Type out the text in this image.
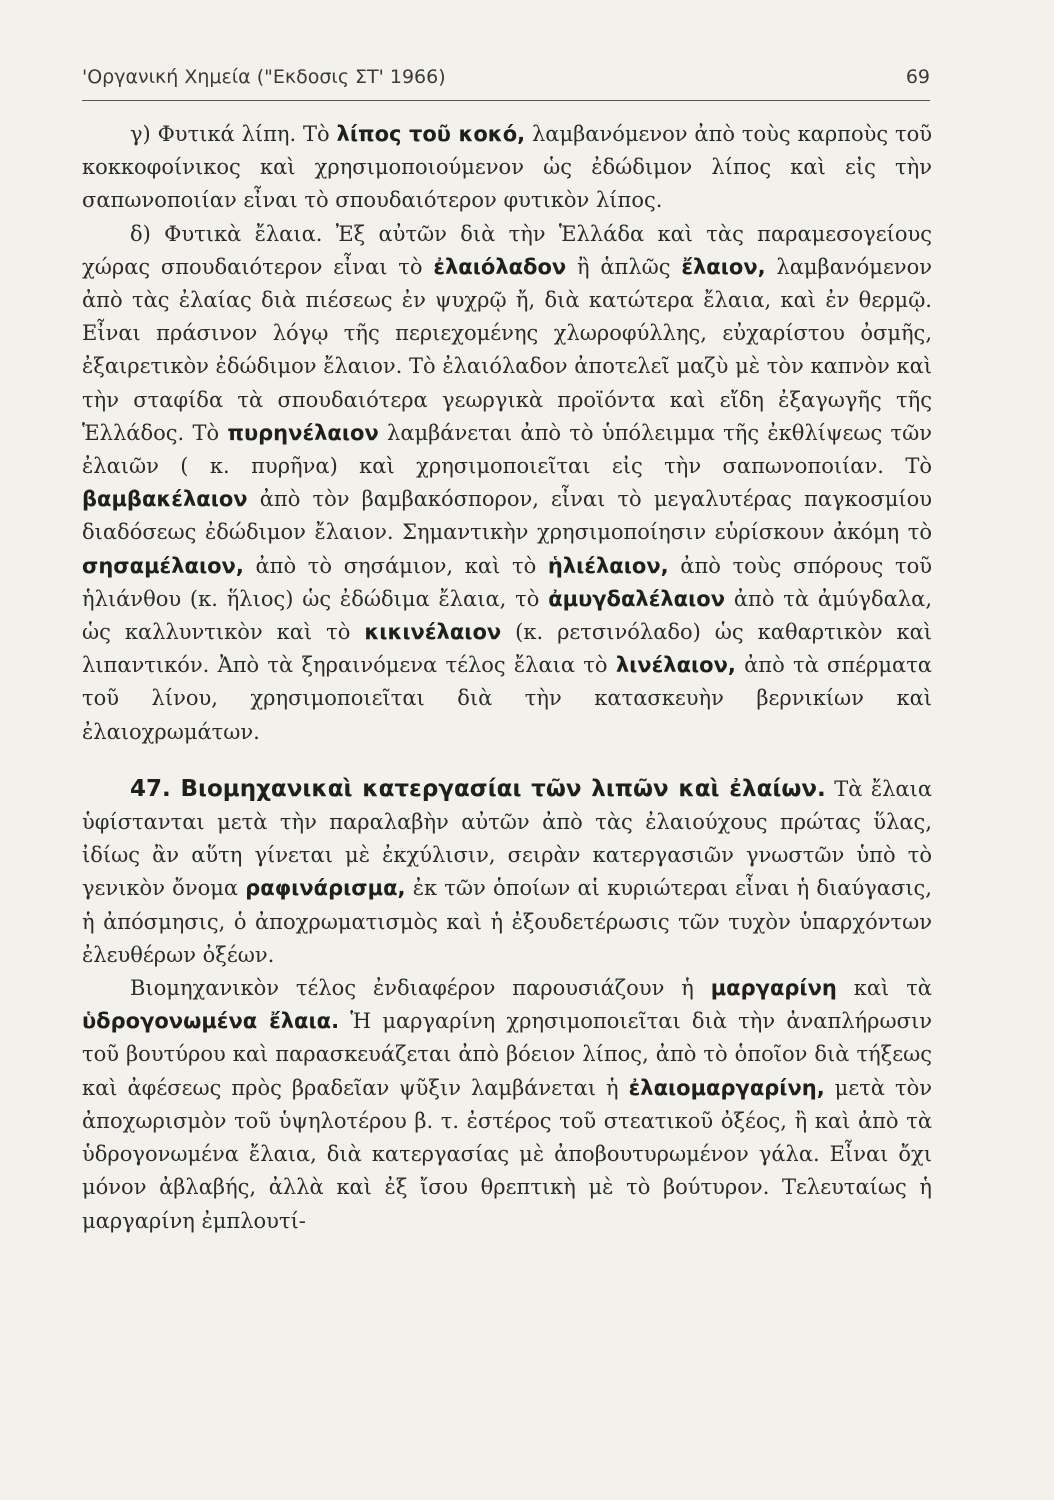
'Οργανική Χημεία ("Εκδοσις ΣΤ' 1966)	69

γ) Φυτικά λίπη. Τὸ λίπος τοῦ κοκό, λαμβανόμενον ἀπὸ τοὺς καρποὺς τοῦ κοκκοφοίνικος καὶ χρησιμοποιούμενον ὡς ἐδώδιμον λίπος καὶ εἰς τὴν σαπωνοποιίαν εἶναι τὸ σπουδαιότερον φυτικὸν λίπος.

δ) Φυτικὰ ἔλαια. Ἐξ αὐτῶν διὰ τὴν Ἑλλάδα καὶ τὰς παραμεσογείους χώρας σπουδαιότερον εἶναι τὸ ἐλαιόλαδον ἢ ἁπλῶς ἔλαιον, λαμβανόμενον ἀπὸ τὰς ἐλαίας διὰ πιέσεως ἐν ψυχρῷ ἤ, διὰ κατώτερα ἔλαια, καὶ ἐν θερμῷ. Εἶναι πράσινον λόγῳ τῆς περιεχομένης χλωροφύλλης, εὐχαρίστου ὀσμῆς, ἐξαιρετικὸν ἐδώδιμον ἔλαιον. Τὸ ἐλαιόλαδον ἀποτελεῖ μαζὺ μὲ τὸν καπνὸν καὶ τὴν σταφίδα τὰ σπουδαιότερα γεωργικὰ προϊόντα καὶ εἴδη ἐξαγωγῆς τῆς Ἑλλάδος. Τὸ πυρηνέλαιον λαμβάνεται ἀπὸ τὸ ὑπόλειμμα τῆς ἐκθλίψεως τῶν ἐλαιῶν ( κ. πυρῆνα) καὶ χρησιμοποιεῖται εἰς τὴν σαπωνοποιίαν. Τὸ βαμβακέλαιον ἀπὸ τὸν βαμβακόσπορον, εἶναι τὸ μεγαλυτέρας παγκοσμίου διαδόσεως ἐδώδιμον ἔλαιον. Σημαντικὴν χρησιμοποίησιν εὑρίσκουν ἀκόμη τὸ σησαμέλαιον, ἀπὸ τὸ σησάμιον, καὶ τὸ ἡλιέλαιον, ἀπὸ τοὺς σπόρους τοῦ ἡλιάνθου (κ. ἥλιος) ὡς ἐδώδιμα ἔλαια, τὸ ἀμυγδαλέλαιον ἀπὸ τὰ ἀμύγδαλα, ὡς καλλυντικὸν καὶ τὸ κικινέλαιον (κ. ρετσινόλαδο) ὡς καθαρτικὸν καὶ λιπαντικόν. Ἀπὸ τὰ ξηραινόμενα τέλος ἔλαια τὸ λινέλαιον, ἀπὸ τὰ σπέρματα τοῦ λίνου, χρησιμοποιεῖται διὰ τὴν κατασκευὴν βερνικίων καὶ ἐλαιοχρωμάτων.

47. Βιομηχανικαὶ κατεργασίαι τῶν λιπῶν καὶ ἐλαίων. Τὰ ἔλαια ὑφίστανται μετὰ τὴν παραλαβὴν αὐτῶν ἀπὸ τὰς ἐλαιούχους πρώτας ὕλας, ἰδίως ἂν αὕτη γίνεται μὲ ἐκχύλισιν, σειρὰν κατεργασιῶν γνωστῶν ὑπὸ τὸ γενικὸν ὄνομα ραφινάρισμα, ἐκ τῶν ὁποίων αἱ κυριώτεραι εἶναι ἡ διαύγασις, ἡ ἀπόσμησις, ὁ ἀποχρωματισμὸς καὶ ἡ ἐξουδετέρωσις τῶν τυχὸν ὑπαρχόντων ἐλευθέρων ὀξέων.

Βιομηχανικὸν τέλος ἐνδιαφέρον παρουσιάζουν ἡ μαργαρίνη καὶ τὰ ὑδρογονωμένα ἔλαια. Ἡ μαργαρίνη χρησιμοποιεῖται διὰ τὴν ἀναπλήρωσιν τοῦ βουτύρου καὶ παρασκευάζεται ἀπὸ βόειον λίπος, ἀπὸ τὸ ὁποῖον διὰ τήξεως καὶ ἀφέσεως πρὸς βραδεῖαν ψῦξιν λαμβάνεται ἡ ἐλαιομαργαρίνη, μετὰ τὸν ἀποχωρισμὸν τοῦ ὑψηλοτέρου β. τ. ἐστέρος τοῦ στεατικοῦ ὀξέος, ἢ καὶ ἀπὸ τὰ ὑδρογονωμένα ἔλαια, διὰ κατεργασίας μὲ ἀποβουτυρωμένον γάλα. Εἶναι ὄχι μόνον ἀβλαβής, ἀλλὰ καὶ ἐξ ἴσου θρεπτικὴ μὲ τὸ βούτυρον. Τελευταίως ἡ μαργαρίνη ἐμπλουτί-
